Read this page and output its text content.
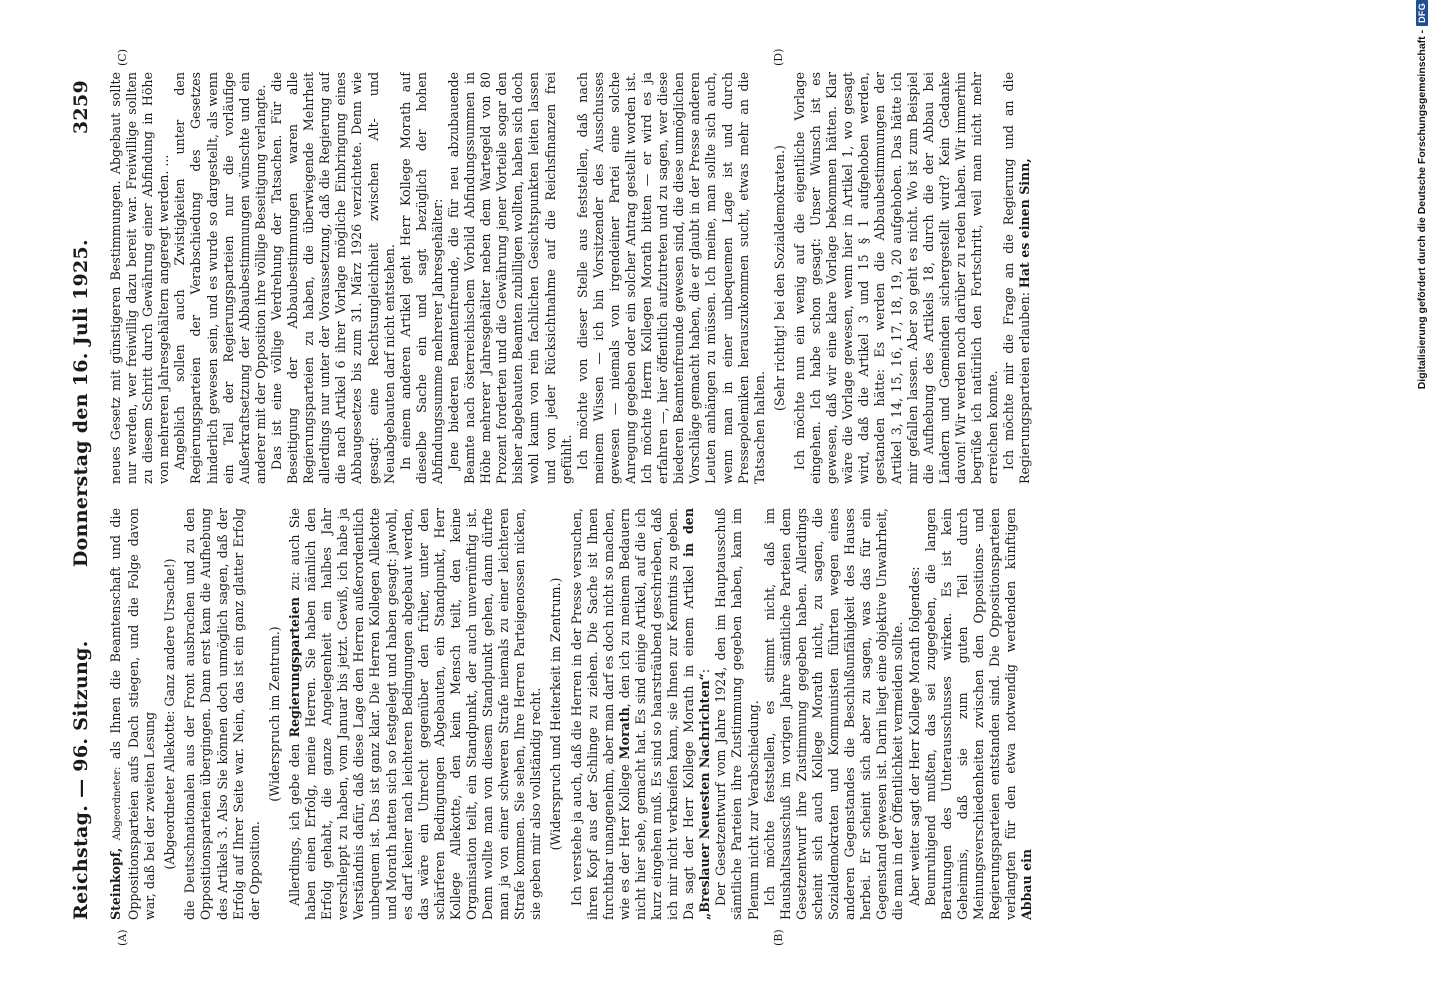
Reichstag. — 96. Sitzung.
Donnerstag den 16. Juli 1925.
3259
(A)	(B)
(C)	(D)

Steinkopf, Abgeordneter: als Ihnen die Beamtenschaft und die Oppositionsparteien aufs Dach stiegen, und die Folge davon war, daß bei der zweiten Lesung (Abgeordneter Allekotte: Ganz andere Ursache!) die Deutschnationalen aus der Front ausbrachen und zu den Oppositionsparteien übergingen. Dann erst kam die Aufhebung des Artikels 3. Also Sie können doch unmöglich sagen, daß der Erfolg auf Ihrer Seite war. Nein, das ist ein ganz glatter Erfolg der Opposition.

(Widerspruch im Zentrum.)

Allerdings, ich gebe den Regierungsparteien zu: auch Sie haben einen Erfolg, meine Herren. Sie haben nämlich den Erfolg gehabt, die ganze Angelegenheit ein halbes Jahr verschleppt zu haben, vom Januar bis jetzt. Gewiß, ich habe ja Verständnis dafür, daß diese Lage den Herren außerordentlich unbequem ist. Das ist ganz klar. Die Herren Kollegen Allekotte und Morath hatten sich so festgelegt und haben gesagt: jawohl, es darf keiner nach leichteren Bedingungen abgebaut werden, das wäre ein Unrecht gegenüber den früher, unter den schärferen Bedingungen Abgebauten, ein Standpunkt, Herr Kollege Allekotte, den kein Mensch teilt, den keine Organisation teilt, ein Standpunkt, der auch unvernünftig ist. Denn wollte man von diesem Standpunkt gehen, dann dürfte man ja von einer schweren Strafe niemals zu einer leichteren Strafe kommen. Sie sehen, Ihre Herren Parteigenossen nicken, sie geben mir also vollständig recht. (Widerspruch und Heiterkeit im Zentrum.) Ich verstehe ja auch, daß die Herren in der Presse versuchen, ihren Kopf aus der Schlinge zu ziehen. Die Sache ist Ihnen furchtbar unangenehm, aber man darf es doch nicht so machen, wie es der Herr Kollege Morath, den ich zu meinem Bedauern nicht hier sehe, gemacht hat. Es sind einige Artikel, auf die ich kurz eingehen muß. Es sind so haarsträubend geschrieben, daß ich mir nicht verkneifen kann, sie Ihnen zur Kenntnis zu geben. Da sagt der Herr Kollege Morath in einem Artikel in den „Breslauer Neuesten Nachrichten“: Der Gesetzentwurf vom Jahre 1924, den im Hauptausschuß sämtliche Parteien ihre Zustimmung gegeben haben, kam im Plenum nicht zur Verabschiedung. Ich möchte feststellen, es stimmt nicht, daß im Haushaltsausschuß im vorigen Jahre sämtliche Parteien dem Gesetzentwurf ihre Zustimmung gegeben haben. Allerdings scheint sich auch Kollege Morath nicht, zu sagen, die Sozialdemokraten und Kommunisten führten wegen eines anderen Gegenstandes die Beschlußunfähigkeit des Hauses herbei. Er scheint sich aber zu sagen, was das für ein Gegenstand gewesen ist. Darin liegt eine objektive Unwahrheit, die man in der Öffentlichkeit vermeiden sollte. Aber weiter sagt der Herr Kollege Morath folgendes: Beunruhigend mußten, das sei zugegeben, die langen Beratungen des Unterausschusses wirken. Es ist kein Geheimnis, daß sie zum guten Teil durch Meinungsverschiedenheiten zwischen den Oppositions- und Regierungsparteien entstanden sind. Die Oppositionsparteien verlangten für den etwa notwendig werdenden künftigen Abbau ein

neues Gesetz mit günstigeren Bestimmungen. Abgebaut sollte nur werden, wer freiwillig dazu bereit war. Freiwillige sollten zu diesem Schritt durch Gewährung einer Abfindung in Höhe von mehreren Jahresgehältern angeregt werden. ... Angeblich sollen auch Zwistigkeiten unter den Regierungsparteien der Verabschiedung des Gesetzes hinderlich gewesen sein, und es wurde so dargestellt, als wenn ein Teil der Regierungsparteien nur die vorläufige Außerkraftsetzung der Abbaubestimmungen wünschte und ein anderer mit der Opposition ihre völlige Beseitigung verlangte. Das ist eine völlige Verdrehung der Tatsachen. Für die Beseitigung der Abbaubestimmungen waren alle Regierungsparteien zu haben, die überwiegende Mehrheit allerdings nur unter der Voraussetzung, daß die Regierung auf die nach Artikel 6 ihrer Vorlage mögliche Einbringung eines Abbaugesetzes bis zum 31. März 1926 verzichtete. Denn wie gesagt: eine Rechtsungleichheit zwischen Alt- und Neuabgebauten darf nicht entstehen. In einem anderen Artikel geht Herr Kollege Morath auf dieselbe Sache ein und sagt bezüglich der hohen Abfindungssumme mehrerer Jahresgehälter: Jene biederen Beamtenfreunde, die für neu abzubauende Beamte nach österreichischem Vorbild Abfindungssummen in Höhe mehrerer Jahresgehälter neben dem Wartegeld von 80 Prozent forderten und die Gewährung jener Vorteile sogar den bisher abgebauten Beamten zubilligen wollten, haben sich doch wohl kaum von rein fachlichen Gesichtspunkten leiten lassen und von jeder Rücksichtnahme auf die Reichsfinanzen frei gefühlt. Ich möchte von dieser Stelle aus feststellen, daß nach meinem Wissen — ich bin Vorsitzender des Ausschusses gewesen — niemals von irgendeiner Partei eine solche Anregung gegeben oder ein solcher Antrag gestellt worden ist. Ich möchte Herrn Kollegen Morath bitten — er wird es ja erfahren —, hier öffentlich aufzutreten und zu sagen, wer diese biederen Beamtenfreunde gewesen sind, die diese unmöglichen Vorschläge gemacht haben, die er glaubt in der Presse anderen Leuten anhängen zu müssen. Ich meine, man sollte sich auch, wenn man in einer unbequemen Lage ist und durch Pressepolemiken herauszukommen sucht, etwas mehr an die Tatsachen halten.

(Sehr richtig! bei den Sozialdemokraten.) Ich möchte nun ein wenig auf die eigentliche Vorlage eingehen. Ich habe schon gesagt: Unser Wunsch ist es gewesen, daß wir eine klare Vorlage bekommen hätten. Klar wäre die Vorlage gewesen, wenn hier in Artikel 1, wo gesagt wird, daß die Artikel 3 und 15 § 1 aufgehoben werden, gestanden hätte: Es werden die Abbaubestimmungen der Artikel 3, 14, 15, 16, 17, 18, 19, 20 aufgehoben. Das hätte ich mir gefallen lassen. Aber so geht es nicht. Wo ist zum Beispiel die Aufhebung des Artikels 18, durch die der Abbau bei Ländern und Gemeinden sichergestellt wird? Kein Gedanke davon! Wir werden noch darüber zu reden haben. Wir immerhin begrüße ich natürlich den Fortschritt, weil man nicht mehr erreichen konnte. Ich möchte mir die Frage an die Regierung und an die Regierungsparteien erlauben: Hat es einen Sinn,	Digitalisierung gefördert durch die Deutsche Forschungsgemeinschaft -
DFG
